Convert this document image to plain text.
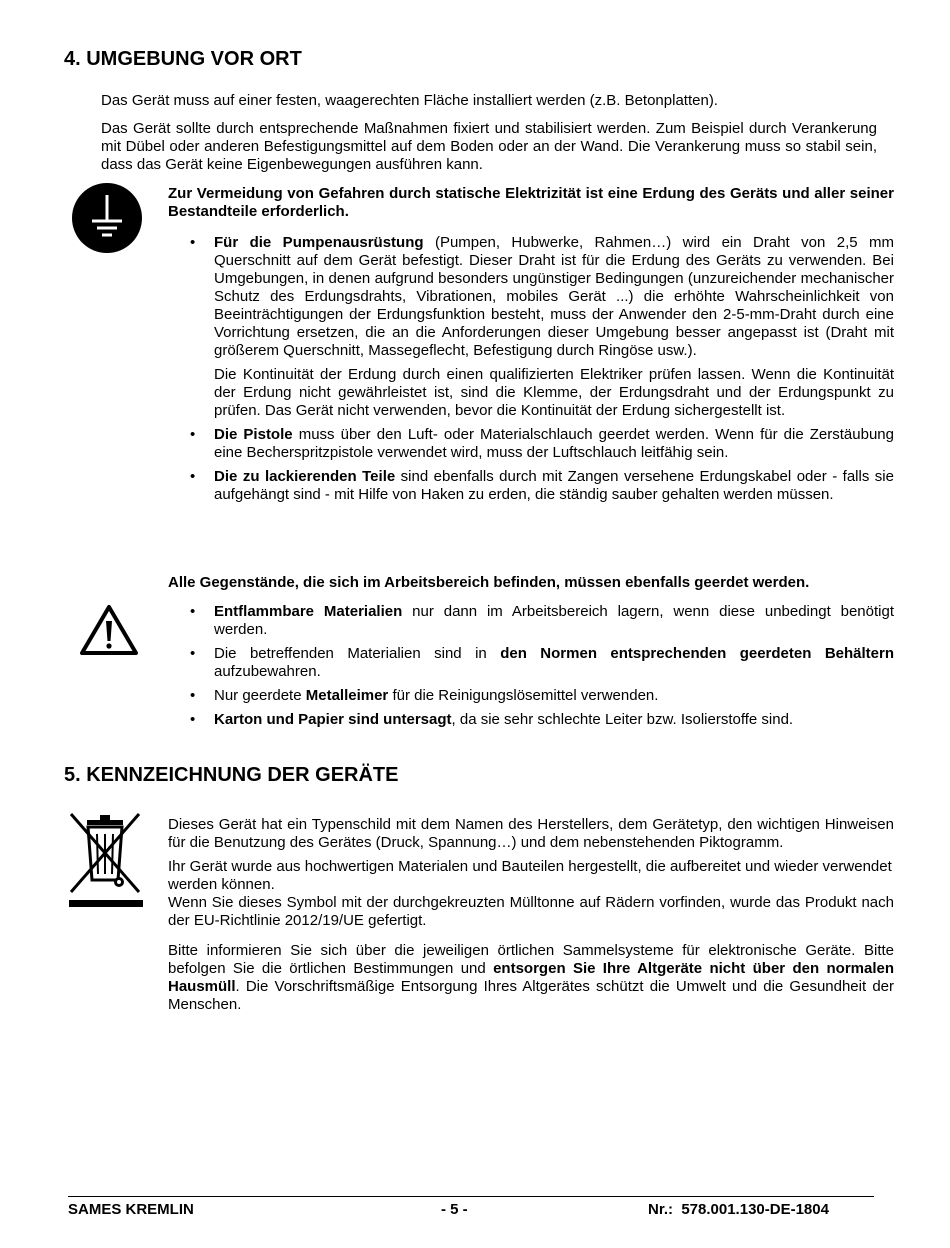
4. UMGEBUNG VOR ORT

Das Gerät muss auf einer festen, waagerechten Fläche installiert werden (z.B. Betonplatten).

Das Gerät sollte durch entsprechende Maßnahmen fixiert und stabilisiert werden. Zum Beispiel durch Verankerung mit Dübel oder anderen Befestigungsmittel auf dem Boden oder an der Wand. Die Verankerung muss so stabil sein, dass das Gerät keine Eigenbewegungen ausführen kann.

Zur Vermeidung von Gefahren durch statische Elektrizität ist eine Erdung des Geräts und aller seiner Bestandteile erforderlich.

• Für die Pumpenausrüstung (Pumpen, Hubwerke, Rahmen…) wird ein Draht von 2,5 mm Querschnitt auf dem Gerät befestigt. Dieser Draht ist für die Erdung des Geräts zu verwenden. Bei Umgebungen, in denen aufgrund besonders ungünstiger Bedingungen (unzureichender mechanischer Schutz des Erdungsdrahts, Vibrationen, mobiles Gerät ...) die erhöhte Wahrscheinlichkeit von Beeinträchtigungen der Erdungsfunktion besteht, muss der Anwender den 2-5-mm-Draht durch eine Vorrichtung ersetzen, die an die Anforderungen dieser Umgebung besser angepasst ist (Draht mit größerem Querschnitt, Massegeflecht, Befestigung durch Ringöse usw.).

Die Kontinuität der Erdung durch einen qualifizierten Elektriker prüfen lassen. Wenn die Kontinuität der Erdung nicht gewährleistet ist, sind die Klemme, der Erdungsdraht und der Erdungspunkt zu prüfen. Das Gerät nicht verwenden, bevor die Kontinuität der Erdung sichergestellt ist.

• Die Pistole muss über den Luft- oder Materialschlauch geerdet werden. Wenn für die Zerstäubung eine Becherspritzpistole verwendet wird, muss der Luftschlauch leitfähig sein.
• Die zu lackierenden Teile sind ebenfalls durch mit Zangen versehene Erdungskabel oder - falls sie aufgehängt sind - mit Hilfe von Haken zu erden, die ständig sauber gehalten werden müssen.

Alle Gegenstände, die sich im Arbeitsbereich befinden, müssen ebenfalls geerdet werden.

• Entflammbare Materialien nur dann im Arbeitsbereich lagern, wenn diese unbedingt benötigt werden.
• Die betreffenden Materialien sind in den Normen entsprechenden geerdeten Behältern aufzubewahren.
• Nur geerdete Metalleimer für die Reinigungslösemittel verwenden.
• Karton und Papier sind untersagt, da sie sehr schlechte Leiter bzw. Isolierstoffe sind.
5. KENNZEICHNUNG DER GERÄTE

Dieses Gerät hat ein Typenschild mit dem Namen des Herstellers, dem Gerätetyp, den wichtigen Hinweisen für die Benutzung des Gerätes (Druck, Spannung…) und dem nebenstehenden Piktogramm.

Ihr Gerät wurde aus hochwertigen Materialen und Bauteilen hergestellt, die aufbereitet und wieder verwendet werden können.

Wenn Sie dieses Symbol mit der durchgekreuzten Mülltonne auf Rädern vorfinden, wurde das Produkt nach der EU-Richtlinie 2012/19/UE gefertigt.

Bitte informieren Sie sich über die jeweiligen örtlichen Sammelsysteme für elektronische Geräte. Bitte befolgen Sie die örtlichen Bestimmungen und entsorgen Sie Ihre Altgeräte nicht über den normalen Hausmüll. Die Vorschriftsmäßige Entsorgung Ihres Altgerätes schützt die Umwelt und die Gesundheit der Menschen.

SAMES KREMLIN	- 5 -	Nr.:  578.001.130-DE-1804
